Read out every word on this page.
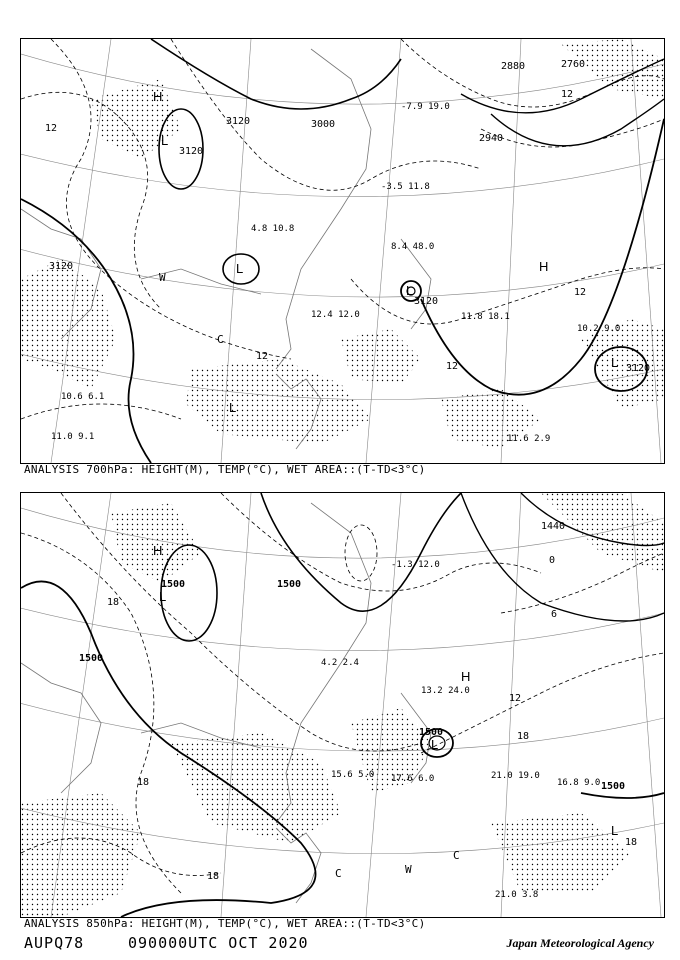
11.6 2.9
10.2 9.0
11.8 18.1
12.4 12.0
4.8 10.8
-3.5 11.8
-7.9 19.0
8.4 48.0
10.6 6.1
11.0 9.1
3000
3120
3120
3120
3120
3120
2940
2760
2880
12
12
12
12
12
H
L
L
L
L
H
L
W
C
ANALYSIS 700hPa: HEIGHT(M), TEMP(°C), WET AREA::(T-TD<3°C)
21.0 19.0
21.0 3.8
16.8 9.0
17.6 6.0
13.2 24.0
-1.3 12.0
4.2 2.4
15.6 5.0
1500	1500
1500
1500
1500
1440
18
18
18
18
18
12
6
0
H
L
L
L
H
W
C
C
ANALYSIS 850hPa: HEIGHT(M), TEMP(°C), WET AREA::(T-TD<3°C)
AUPQ78	090000UTC OCT 2020	Japan Meteorological Agency
